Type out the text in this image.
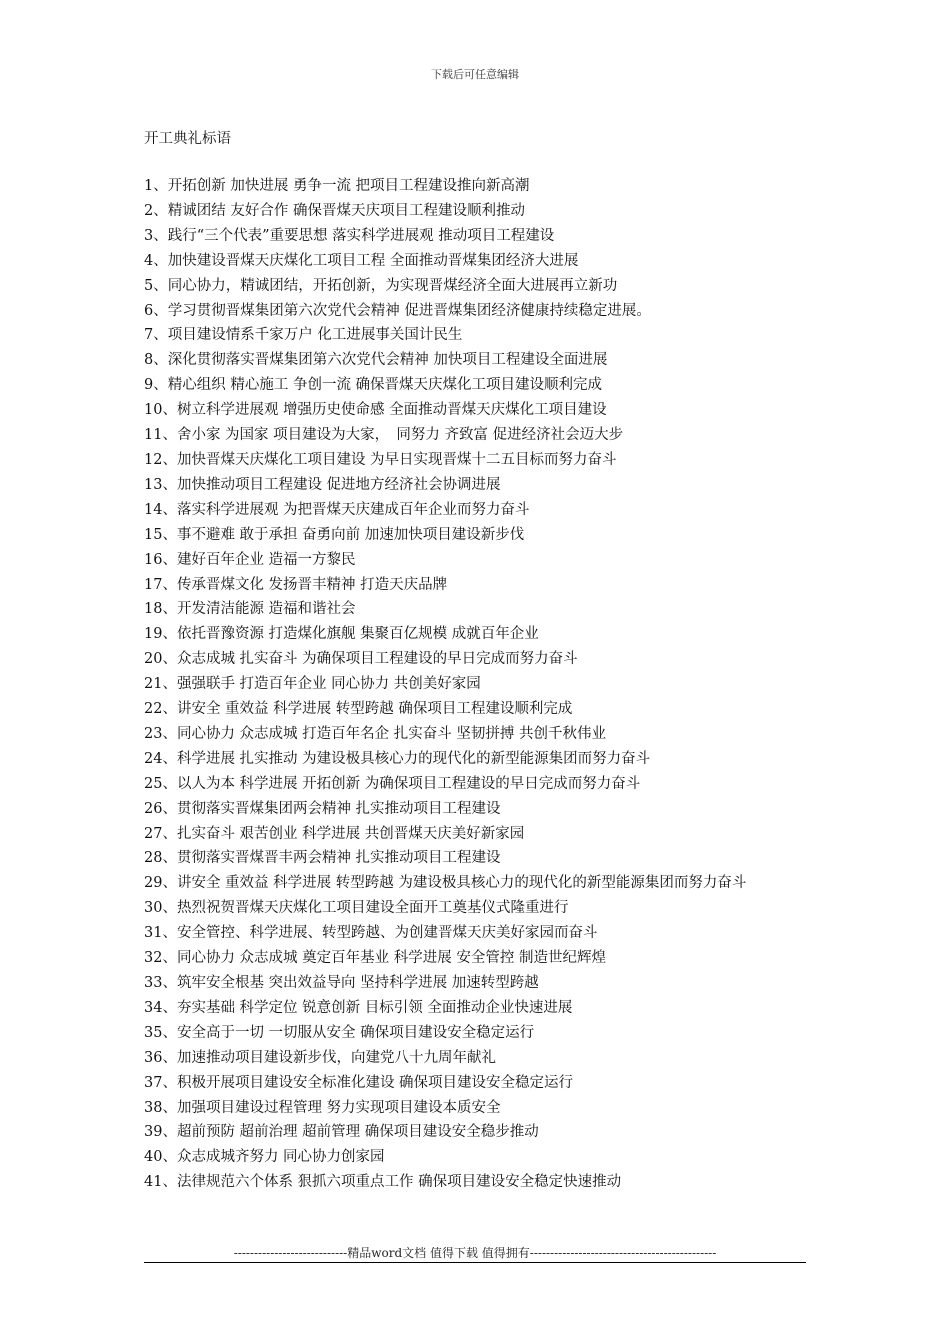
下载后可任意编辑
开工典礼标语
1、开拓创新 加快进展 勇争一流 把项目工程建设推向新高潮
2、精诚团结 友好合作 确保晋煤天庆项目工程建设顺利推动
3、践行“三个代表”重要思想 落实科学进展观 推动项目工程建设
4、加快建设晋煤天庆煤化工项目工程 全面推动晋煤集团经济大进展
5、同心协力，精诚团结，开拓创新，为实现晋煤经济全面大进展再立新功
6、学习贯彻晋煤集团第六次党代会精神 促进晋煤集团经济健康持续稳定进展。
7、项目建设情系千家万户 化工进展事关国计民生
8、深化贯彻落实晋煤集团第六次党代会精神 加快项目工程建设全面进展
9、精心组织 精心施工 争创一流 确保晋煤天庆煤化工项目建设顺利完成
10、树立科学进展观 增强历史使命感 全面推动晋煤天庆煤化工项目建设
11、舍小家 为国家 项目建设为大家，　同努力 齐致富 促进经济社会迈大步
12、加快晋煤天庆煤化工项目建设 为早日实现晋煤十二五目标而努力奋斗
13、加快推动项目工程建设 促进地方经济社会协调进展
14、落实科学进展观 为把晋煤天庆建成百年企业而努力奋斗
15、事不避难 敢于承担 奋勇向前 加速加快项目建设新步伐
16、建好百年企业 造福一方黎民
17、传承晋煤文化 发扬晋丰精神 打造天庆品牌
18、开发清洁能源 造福和谐社会
19、依托晋豫资源 打造煤化旗舰 集聚百亿规模 成就百年企业
20、众志成城 扎实奋斗 为确保项目工程建设的早日完成而努力奋斗
21、强强联手 打造百年企业 同心协力 共创美好家园
22、讲安全 重效益 科学进展 转型跨越 确保项目工程建设顺利完成
23、同心协力 众志成城 打造百年名企 扎实奋斗 坚韧拼搏 共创千秋伟业
24、科学进展 扎实推动 为建设极具核心力的现代化的新型能源集团而努力奋斗
25、以人为本 科学进展 开拓创新 为确保项目工程建设的早日完成而努力奋斗
26、贯彻落实晋煤集团两会精神 扎实推动项目工程建设
27、扎实奋斗 艰苦创业 科学进展 共创晋煤天庆美好新家园
28、贯彻落实晋煤晋丰两会精神 扎实推动项目工程建设
29、讲安全 重效益 科学进展 转型跨越 为建设极具核心力的现代化的新型能源集团而努力奋斗
30、热烈祝贺晋煤天庆煤化工项目建设全面开工奠基仪式隆重进行
31、安全管控、科学进展、转型跨越、为创建晋煤天庆美好家园而奋斗
32、同心协力 众志成城 奠定百年基业 科学进展 安全管控 制造世纪辉煌
33、筑牢安全根基 突出效益导向 坚持科学进展 加速转型跨越
34、夯实基础 科学定位 锐意创新 目标引领 全面推动企业快速进展
35、安全高于一切 一切服从安全 确保项目建设安全稳定运行
36、加速推动项目建设新步伐，向建党八十九周年献礼
37、积极开展项目建设安全标准化建设 确保项目建设安全稳定运行
38、加强项目建设过程管理 努力实现项目建设本质安全
39、超前预防 超前治理 超前管理 确保项目建设安全稳步推动
40、众志成城齐努力 同心协力创家园
41、法律规范六个体系 狠抓六项重点工作 确保项目建设安全稳定快速推动
----------------------------精品word文档 值得下载 值得拥有----------------------------------------------
